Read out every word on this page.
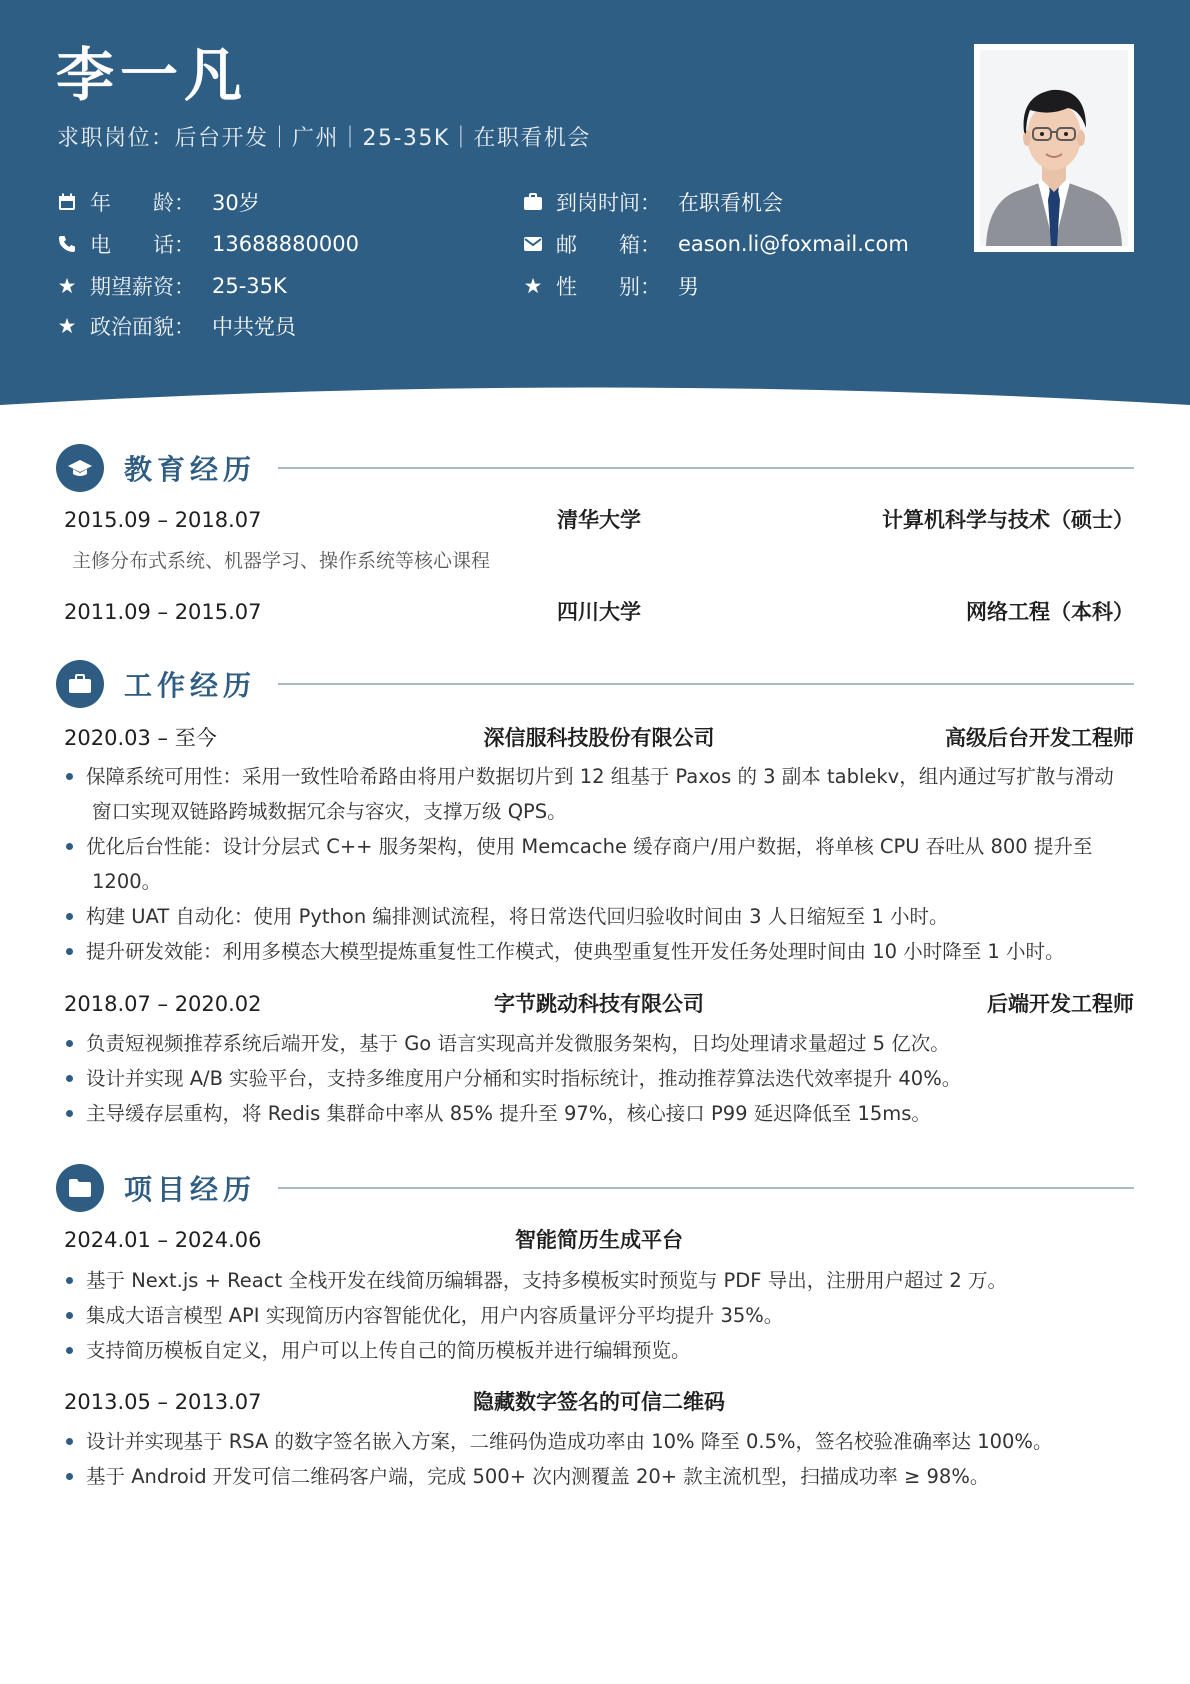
李一凡
求职岗位：后台开发｜广州｜25-35K｜在职看机会
年　　龄： 30岁	到岗时间： 在职看机会
电　　话： 13688880000	邮　　箱： eason.li@foxmail.com
★ 期望薪资： 25-35K	★ 性　　别： 男
★ 政治面貌： 中共党员
教育经历
2015.09 – 2018.07	清华大学	计算机科学与技术（硕士）
主修分布式系统、机器学习、操作系统等核心课程
2011.09 – 2015.07	四川大学	网络工程（本科）
工作经历
2020.03 – 至今	深信服科技股份有限公司	高级后台开发工程师
保障系统可用性：采用一致性哈希路由将用户数据切片到 12 组基于 Paxos 的 3 副本 tablekv，组内通过写扩散与滑动
窗口实现双链路跨城数据冗余与容灾，支撑万级 QPS。
优化后台性能：设计分层式 C++ 服务架构，使用 Memcache 缓存商户/用户数据，将单核 CPU 吞吐从 800 提升至
1200。
构建 UAT 自动化：使用 Python 编排测试流程，将日常迭代回归验收时间由 3 人日缩短至 1 小时。
提升研发效能：利用多模态大模型提炼重复性工作模式，使典型重复性开发任务处理时间由 10 小时降至 1 小时。
2018.07 – 2020.02	字节跳动科技有限公司	后端开发工程师
负责短视频推荐系统后端开发，基于 Go 语言实现高并发微服务架构，日均处理请求量超过 5 亿次。
设计并实现 A/B 实验平台，支持多维度用户分桶和实时指标统计，推动推荐算法迭代效率提升 40%。
主导缓存层重构，将 Redis 集群命中率从 85% 提升至 97%，核心接口 P99 延迟降低至 15ms。
项目经历
2024.01 – 2024.06	智能简历生成平台
基于 Next.js + React 全栈开发在线简历编辑器，支持多模板实时预览与 PDF 导出，注册用户超过 2 万。
集成大语言模型 API 实现简历内容智能优化，用户内容质量评分平均提升 35%。
支持简历模板自定义，用户可以上传自己的简历模板并进行编辑预览。
2013.05 – 2013.07	隐藏数字签名的可信二维码
设计并实现基于 RSA 的数字签名嵌入方案，二维码伪造成功率由 10% 降至 0.5%，签名校验准确率达 100%。
基于 Android 开发可信二维码客户端，完成 500+ 次内测覆盖 20+ 款主流机型，扫描成功率 ≥ 98%。
